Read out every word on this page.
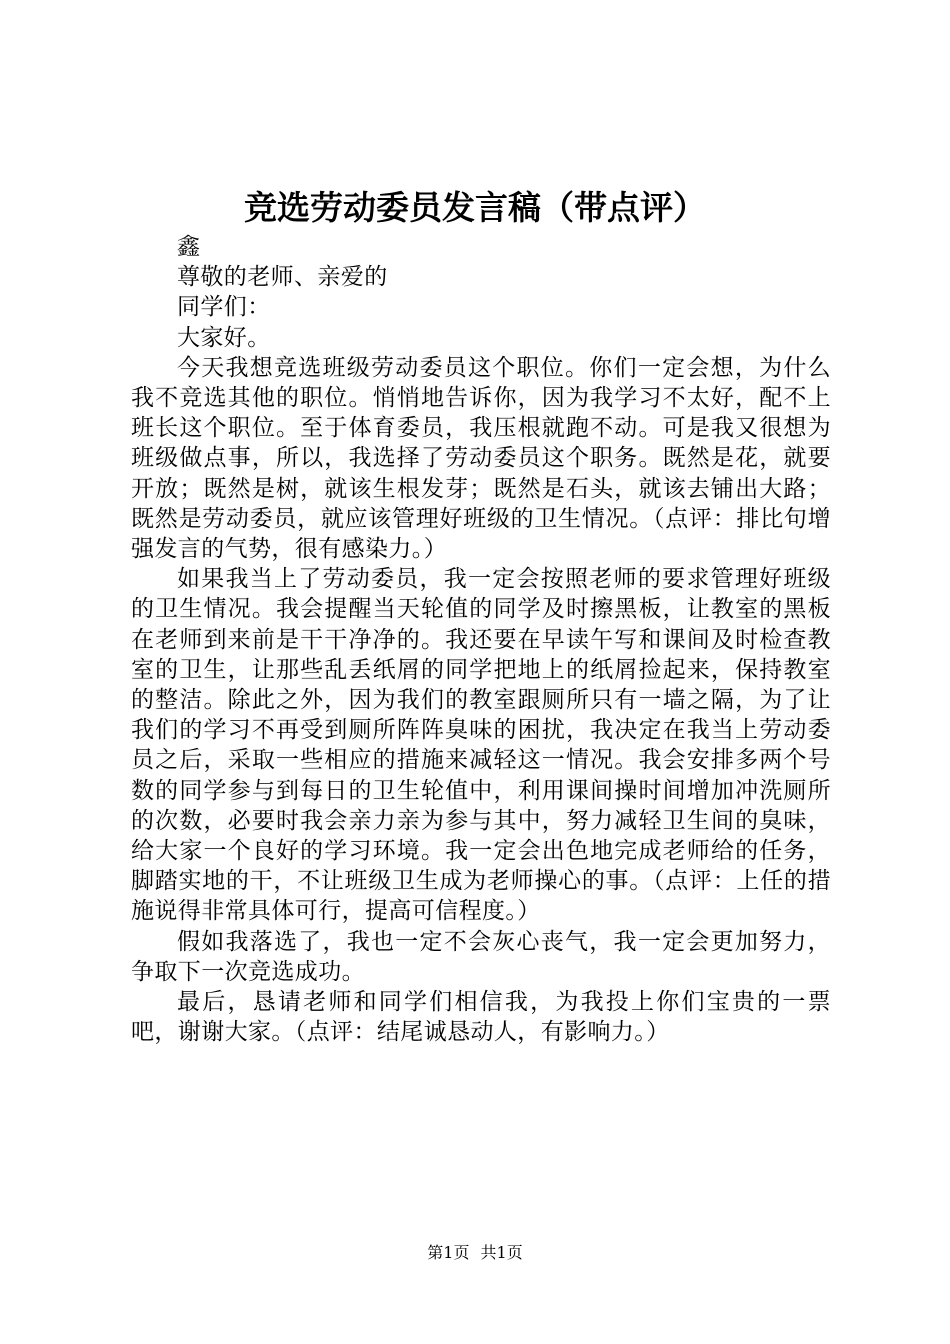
竞选劳动委员发言稿（带点评）

鑫

尊敬的老师、亲爱的

同学们：

大家好。

今天我想竞选班级劳动委员这个职位。你们一定会想，为什么我不竞选其他的职位。悄悄地告诉你，因为我学习不太好，配不上班长这个职位。至于体育委员，我压根就跑不动。可是我又很想为班级做点事，所以，我选择了劳动委员这个职务。既然是花，就要开放；既然是树，就该生根发芽；既然是石头，就该去铺出大路；既然是劳动委员，就应该管理好班级的卫生情况。（点评：排比句增强发言的气势，很有感染力。）

如果我当上了劳动委员，我一定会按照老师的要求管理好班级的卫生情况。我会提醒当天轮值的同学及时擦黑板，让教室的黑板在老师到来前是干干净净的。我还要在早读午写和课间及时检查教室的卫生，让那些乱丢纸屑的同学把地上的纸屑捡起来，保持教室的整洁。除此之外，因为我们的教室跟厕所只有一墙之隔，为了让我们的学习不再受到厕所阵阵臭味的困扰，我决定在我当上劳动委员之后，采取一些相应的措施来减轻这一情况。我会安排多两个号数的同学参与到每日的卫生轮值中，利用课间操时间增加冲洗厕所的次数，必要时我会亲力亲为参与其中，努力减轻卫生间的臭味，给大家一个良好的学习环境。我一定会出色地完成老师给的任务，脚踏实地的干，不让班级卫生成为老师操心的事。（点评：上任的措施说得非常具体可行，提高可信程度。）

假如我落选了，我也一定不会灰心丧气，我一定会更加努力，争取下一次竞选成功。

最后，恳请老师和同学们相信我，为我投上你们宝贵的一票吧，谢谢大家。（点评：结尾诚恳动人，有影响力。）

第1页 共1页
